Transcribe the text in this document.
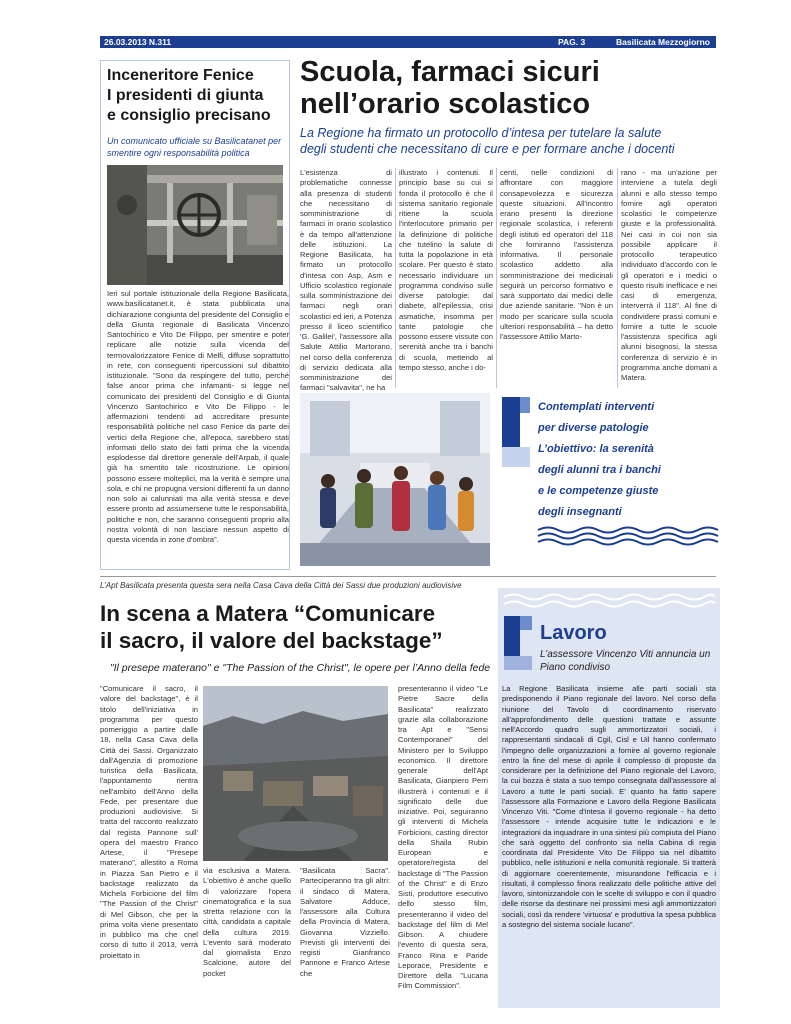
26.03.2013 N.311	PAG. 3	Basilicata Mezzogiorno
Inceneritore Fenice
I presidenti di giunta
e consiglio precisano
Un comunicato ufficiale su Basilicatanet per smentire ogni responsabilità politica
Ieri sul portale istituzionale della Regione Basilicata, www.basilicatanet.it, è stata pubblicata una dichiarazione congiunta del presidente del Consiglio e della Giunta regionale di Basilicata Vincenzo Santochirico e Vito De Filippo, per smentire e poter replicare alle notizie sulla vicenda del termovalorizzatore Fenice di Melfi, diffuse soprattutto in rete, con conseguenti ripercussioni sul dibattito istituzionale. "Sono da respingere del tutto, perché false ancor prima che infamanti- si legge nel comunicato dei presidenti del Consiglio e di Giunta Vincenzo Santochirico e Vito De Filippo - le affermazioni tendenti ad accreditare presunte responsabilità politiche nel caso Fenice da parte dei vertici della Regione che, all'epoca, sarebbero stati informati dello stato dei fatti prima che la vicenda esplodesse dal direttore generale dell'Arpab, il quale già ha smentito tale ricostruzione. Le opinioni possono essere molteplici, ma la verità è sempre una sola, e chi ne propugna versioni differenti fa un danno non solo ai calunniati ma alla verità stessa e deve essere pronto ad assumersene tutte le responsabilità, politiche e non, che saranno conseguenti proprio alla nostra volontà di non lasciare nessun aspetto di questa vicenda in zone d'ombra".
Scuola, farmaci sicuri
nell’orario scolastico
La Regione ha firmato un protocollo d’intesa per tutelare la salute
degli studenti che necessitano di cure e per formare anche i docenti
L'esistenza di problematiche connesse alla presenza di studenti che necessitano di somministrazione di farmaci in orario scolastico è da tempo all'attenzione delle istituzioni. La Regione Basilicata, ha firmato un protocollo d'intesa con Asp, Asm e Ufficio scolastico regionale sulla somministrazione dei farmaci negli orari scolastici ed ieri, a Potenza presso il liceo scientifico 'G. Galilei', l'assessore alla Salute Attilio Martorano, nel corso della conferenza di servizio dedicata alla somministrazione dei farmaci "salvavita", ne ha
illustrato i contenuti. Il principio base su cui si fonda il protocollo è che il sistema sanitario regionale ritiene la scuola l'interlocutore primario per la definizione di politiche che tutelino la salute di tutta la popolazione in età scolare. Per questo è stato necessario individuare un programma condiviso sulle diverse patologie: dal diabete, all'epilessia, crisi asmatiche, insomma per tante patologie che possono essere vissute con serenità anche tra i banchi di scuola, mettendo al tempo stesso, anche i do-
centi, nelle condizioni di affrontare con maggiore consapevolezza e sicurezza queste situazioni. All'incontro erano presenti la direzione regionale scolastica, i referenti degli istituti ed operatori del 118 che forniranno l'assistenza informativa. Il personale scolastico addetto alla somministrazione dei medicinali seguirà un percorso formativo e sarà supportato dai medici delle due aziende sanitarie. "Non è un modo per scaricare sulla scuola ulteriori responsabilità – ha detto l'assessore Attilio Marto-
rano - ma un'azione per interviene a tutela degli alunni e allo stesso tempo fornire agli operatori scolastici le competenze giuste e la professionalità. Nei casi in cui non sia possibile applicare il protocollo terapeutico individuato d'accordo con le gli operatori e i medici o questo risulti inefficace e nei casi di emergenza, interverrà il 118". Al fine di condividere prassi comuni e fornire a tutte le scuole l'assistenza specifica agli alunni bisognosi, la stessa conferenza di servizio è in programma anche domani a Matera.
Contemplati interventi
per diverse patologie
L’obiettivo: la serenità
degli alunni tra i banchi
e le competenze giuste
degli insegnanti
L’Apt Basilicata presenta questa sera nella Casa Cava della Città dei Sassi due produzioni audiovisive
In scena a Matera “Comunicare
il sacro, il valore del backstage”
"Il presepe materano" e "The Passion of the Christ", le opere per l’Anno della fede
"Comunicare il sacro, il valore del backstage", è il titolo dell'iniziativa in programma per questo pomeriggio a partire dalle 18, nella Casa Cava della Città dei Sassi. Organizzato dall'Agenzia di promozione turistica della Basilicata, l'appuntamento rientra nell'ambito dell'Anno della Fede, per presentare due produzioni audiovisive. Si tratta del racconto realizzato dal regista Pannone sull' opera del maestro Franco Artese, il "Presepe materano", allestito a Roma in Piazza San Pietro e il backstage realizzato da Michela Forbicione del film "The Passion of the Christ" di Mel Gibson, che per la prima volta viene presentato in pubblico ma che cnel corso di tutto il 2013, verrà proiettato in
via esclusiva a Matera. L'obiettivo è anche quello di valorizzare l'opera cinematografica e la sua stretta relazione con la città, candidata a capitale della cultura 2019. L'evento sarà moderato dal giornalista Enzo Scalcione, autore del pocket
"Basilicata Sacra". Parteciperanno tra gli altri: il sindaco di Matera, Salvatore Adduce, l'assessore alla Cultura della Provincia di Matera, Giovanna Vizziello. Previsti gli interventi dei registi Gianfranco Pannone e Franco Artese che
presenteranno il video "Le Pietre Sacre della Basilicata" realizzato grazie alla collaborazione tra Apt e "Sensi Contemporanei" del Ministero per lo Sviluppo economico. Il direttore generale dell'Apt Basilicata, Gianpiero Perri illustrerà i contenuti e il significato delle due iniziative. Poi, seguiranno gli interventi di Michela Forbicioni, casting director della Shaila Rubin European e operatore/regista del backstage di "The Passion of the Christ" e di Enzo Sisti, produttore esecutivo dello stesso film, presenteranno il video del backstage del film di Mel Gibson. A chiudere l'evento di questa sera, Franco Rina e Paride Leporace, Presidente e Direttore della "Lucana Film Commission".
Lavoro
L’assessore Vincenzo Viti annuncia un Piano condiviso
La Regione Basilicata insieme alle parti sociali sta predisponendo il Piano regionale del lavoro. Nel corso della riunione del Tavolo di coordinamento riservato all'approfondimento delle questioni trattate e assunte nell'Accordo quadro sugli ammortizzatori sociali, i rappresentanti sindacali di Cgil, Cisl e Uil hanno confermato l'impegno delle organizzazioni a fornire al governo regionale entro la fine del mese di aprile il complesso di proposte da considerare per la definizione del Piano regionale del Lavoro, la cui bozza è stata a suo tempo consegnata dall'assessore al Lavoro a tutte le parti sociali. E' quanto ha fatto sapere l'assessore alla Formazione e Lavoro della Regione Basilicata Vincenzo Viti. "Come d'intesa il governo regionale - ha detto l'assessore - intende acquisire tutte le indicazioni e le integrazioni da inquadrare in una sintesi più compiuta del Piano che sarà oggetto del confronto sia nella Cabina di regia coordinata dal Presidente Vito De Filippo sia nel dibattito pubblico, nelle istituzioni e nella comunità regionale. Si tratterà di aggiornare coerentemente, misurandone l'efficacia e i risultati, il complesso finora realizzato delle politiche attive del lavoro, sintonizzandole con le scelte di sviluppo e con il quadro delle risorse da destinare nei prossimi mesi agli ammortizzatori sociali, così da rendere 'virtuosa' e produttiva la spesa pubblica a sostegno del sistema sociale lucano".
